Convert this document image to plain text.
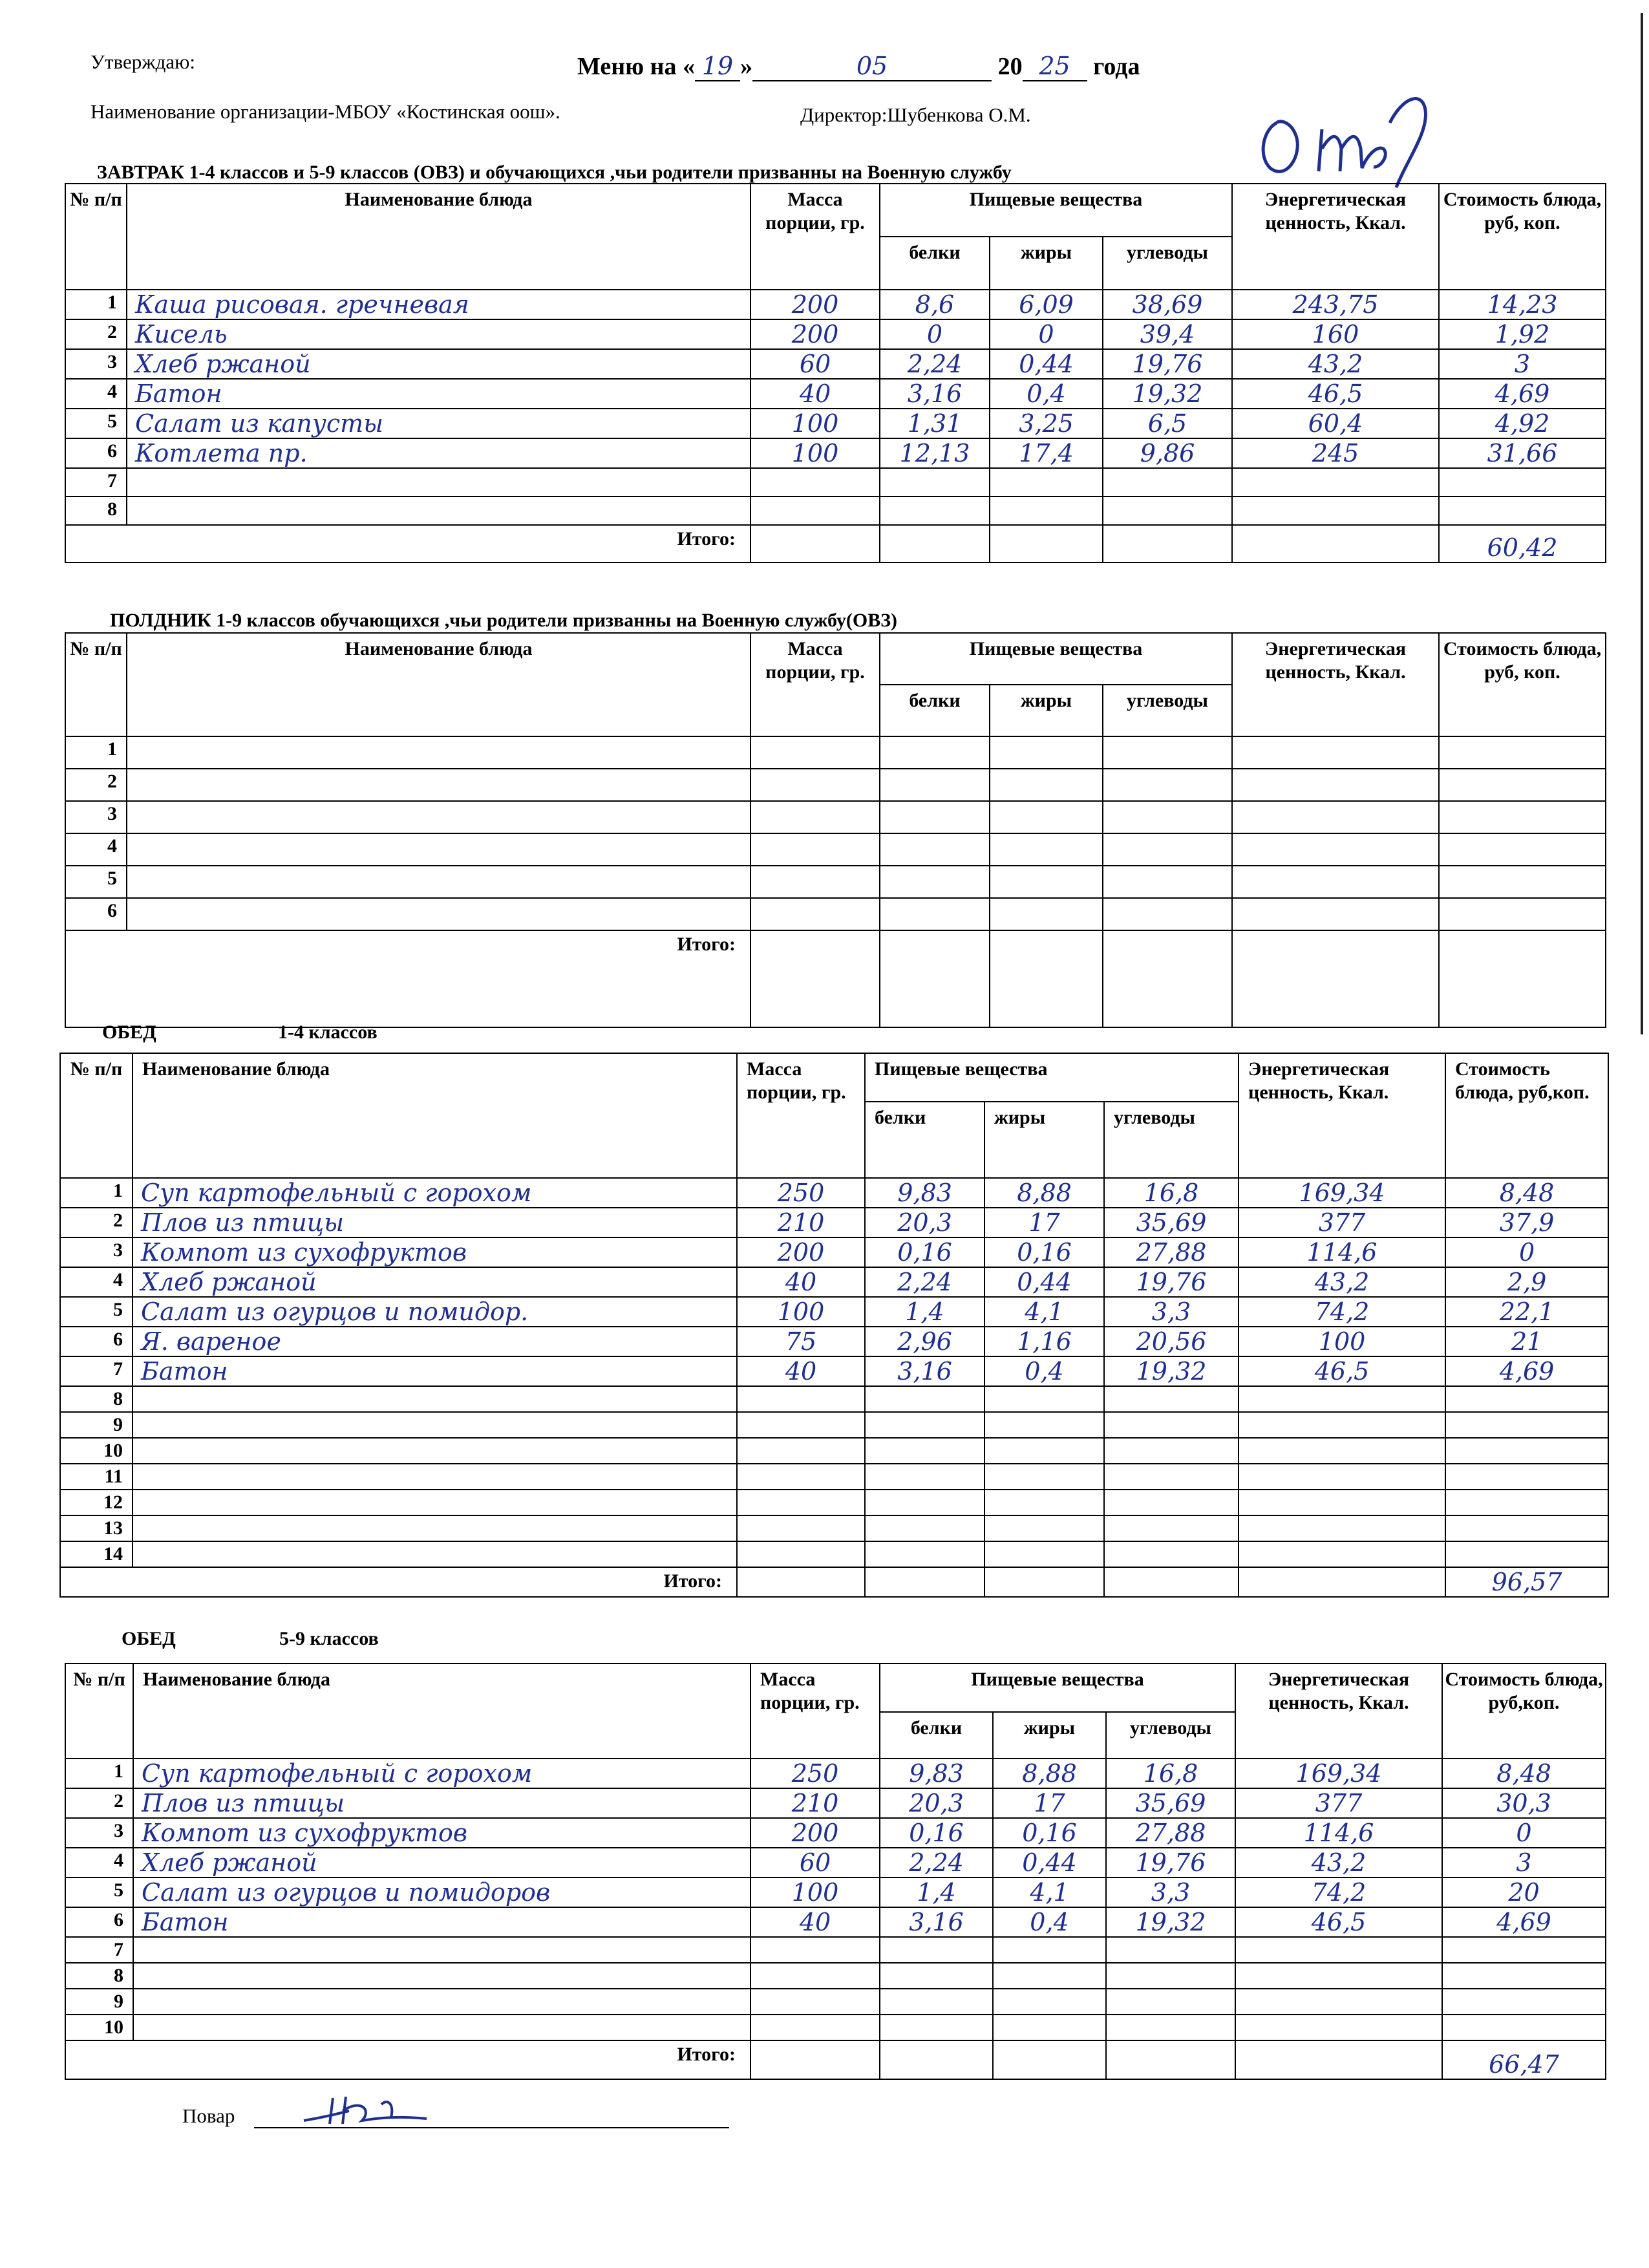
Утверждаю:	Меню на « 19 »	05	20 25 года
Наименование организации-МБОУ «Костинская оош».	Директор:Шубенкова О.М.
ЗАВТРАК 1-4 классов и 5-9 классов (ОВЗ) и обучающихся ,чьи родители призванны на Военную службу
№ п/п	Наименование блюда	Масса порции, гр.	Пищевые вещества			Энергетическая ценность, Ккал.	Стоимость блюда, руб, коп.
			белки	жиры	углеводы		
1	Каша рисовая. гречневая	200	8,6	6,09	38,69	243,75	14,23
2	Кисель	200	0	0	39,4	160	1,92
3	Хлеб ржаной	60	2,24	0,44	19,76	43,2	3
4	Батон	40	3,16	0,4	19,32	46,5	4,69
5	Салат из капусты	100	1,31	3,25	6,5	60,4	4,92
6	Котлета пр.	100	12,13	17,4	9,86	245	31,66
7							
8							
Итого:							60,42
ПОЛДНИК 1-9 классов обучающихся ,чьи родители призванны на Военную службу(ОВЗ)
№ п/п	Наименование блюда	Масса порции, гр.	Пищевые вещества			Энергетическая ценность, Ккал.	Стоимость блюда, руб, коп.
			белки	жиры	углеводы		
1							
2							
3							
4							
5							
6							
Итого:							
ОБЕД	1-4 классов
№ п/п	Наименование блюда	Масса порции, гр.	Пищевые вещества			Энергетическая ценность, Ккал.	Стоимость блюда, руб,коп.
			белки	жиры	углеводы		
1	Суп картофельный с горохом	250	9,83	8,88	16,8	169,34	8,48
2	Плов из птицы	210	20,3	17	35,69	377	37,9
3	Компот из сухофруктов	200	0,16	0,16	27,88	114,6	0
4	Хлеб ржаной	40	2,24	0,44	19,76	43,2	2,9
5	Салат из огурцов и помидор.	100	1,4	4,1	3,3	74,2	22,1
6	Я. вареное	75	2,96	1,16	20,56	100	21
7	Батон	40	3,16	0,4	19,32	46,5	4,69
8							
9							
10							
11							
12							
13							
14							
Итого:							96,57
ОБЕД	5-9 классов
№ п/п	Наименование блюда	Масса порции, гр.	Пищевые вещества			Энергетическая ценность, Ккал.	Стоимость блюда, руб,коп.
			белки	жиры	углеводы		
1	Суп картофельный с горохом	250	9,83	8,88	16,8	169,34	8,48
2	Плов из птицы	210	20,3	17	35,69	377	30,3
3	Компот из сухофруктов	200	0,16	0,16	27,88	114,6	0
4	Хлеб ржаной	60	2,24	0,44	19,76	43,2	3
5	Салат из огурцов и помидоров	100	1,4	4,1	3,3	74,2	20
6	Батон	40	3,16	0,4	19,32	46,5	4,69
7							
8							
9							
10							
Итого:							66,47
Повар
